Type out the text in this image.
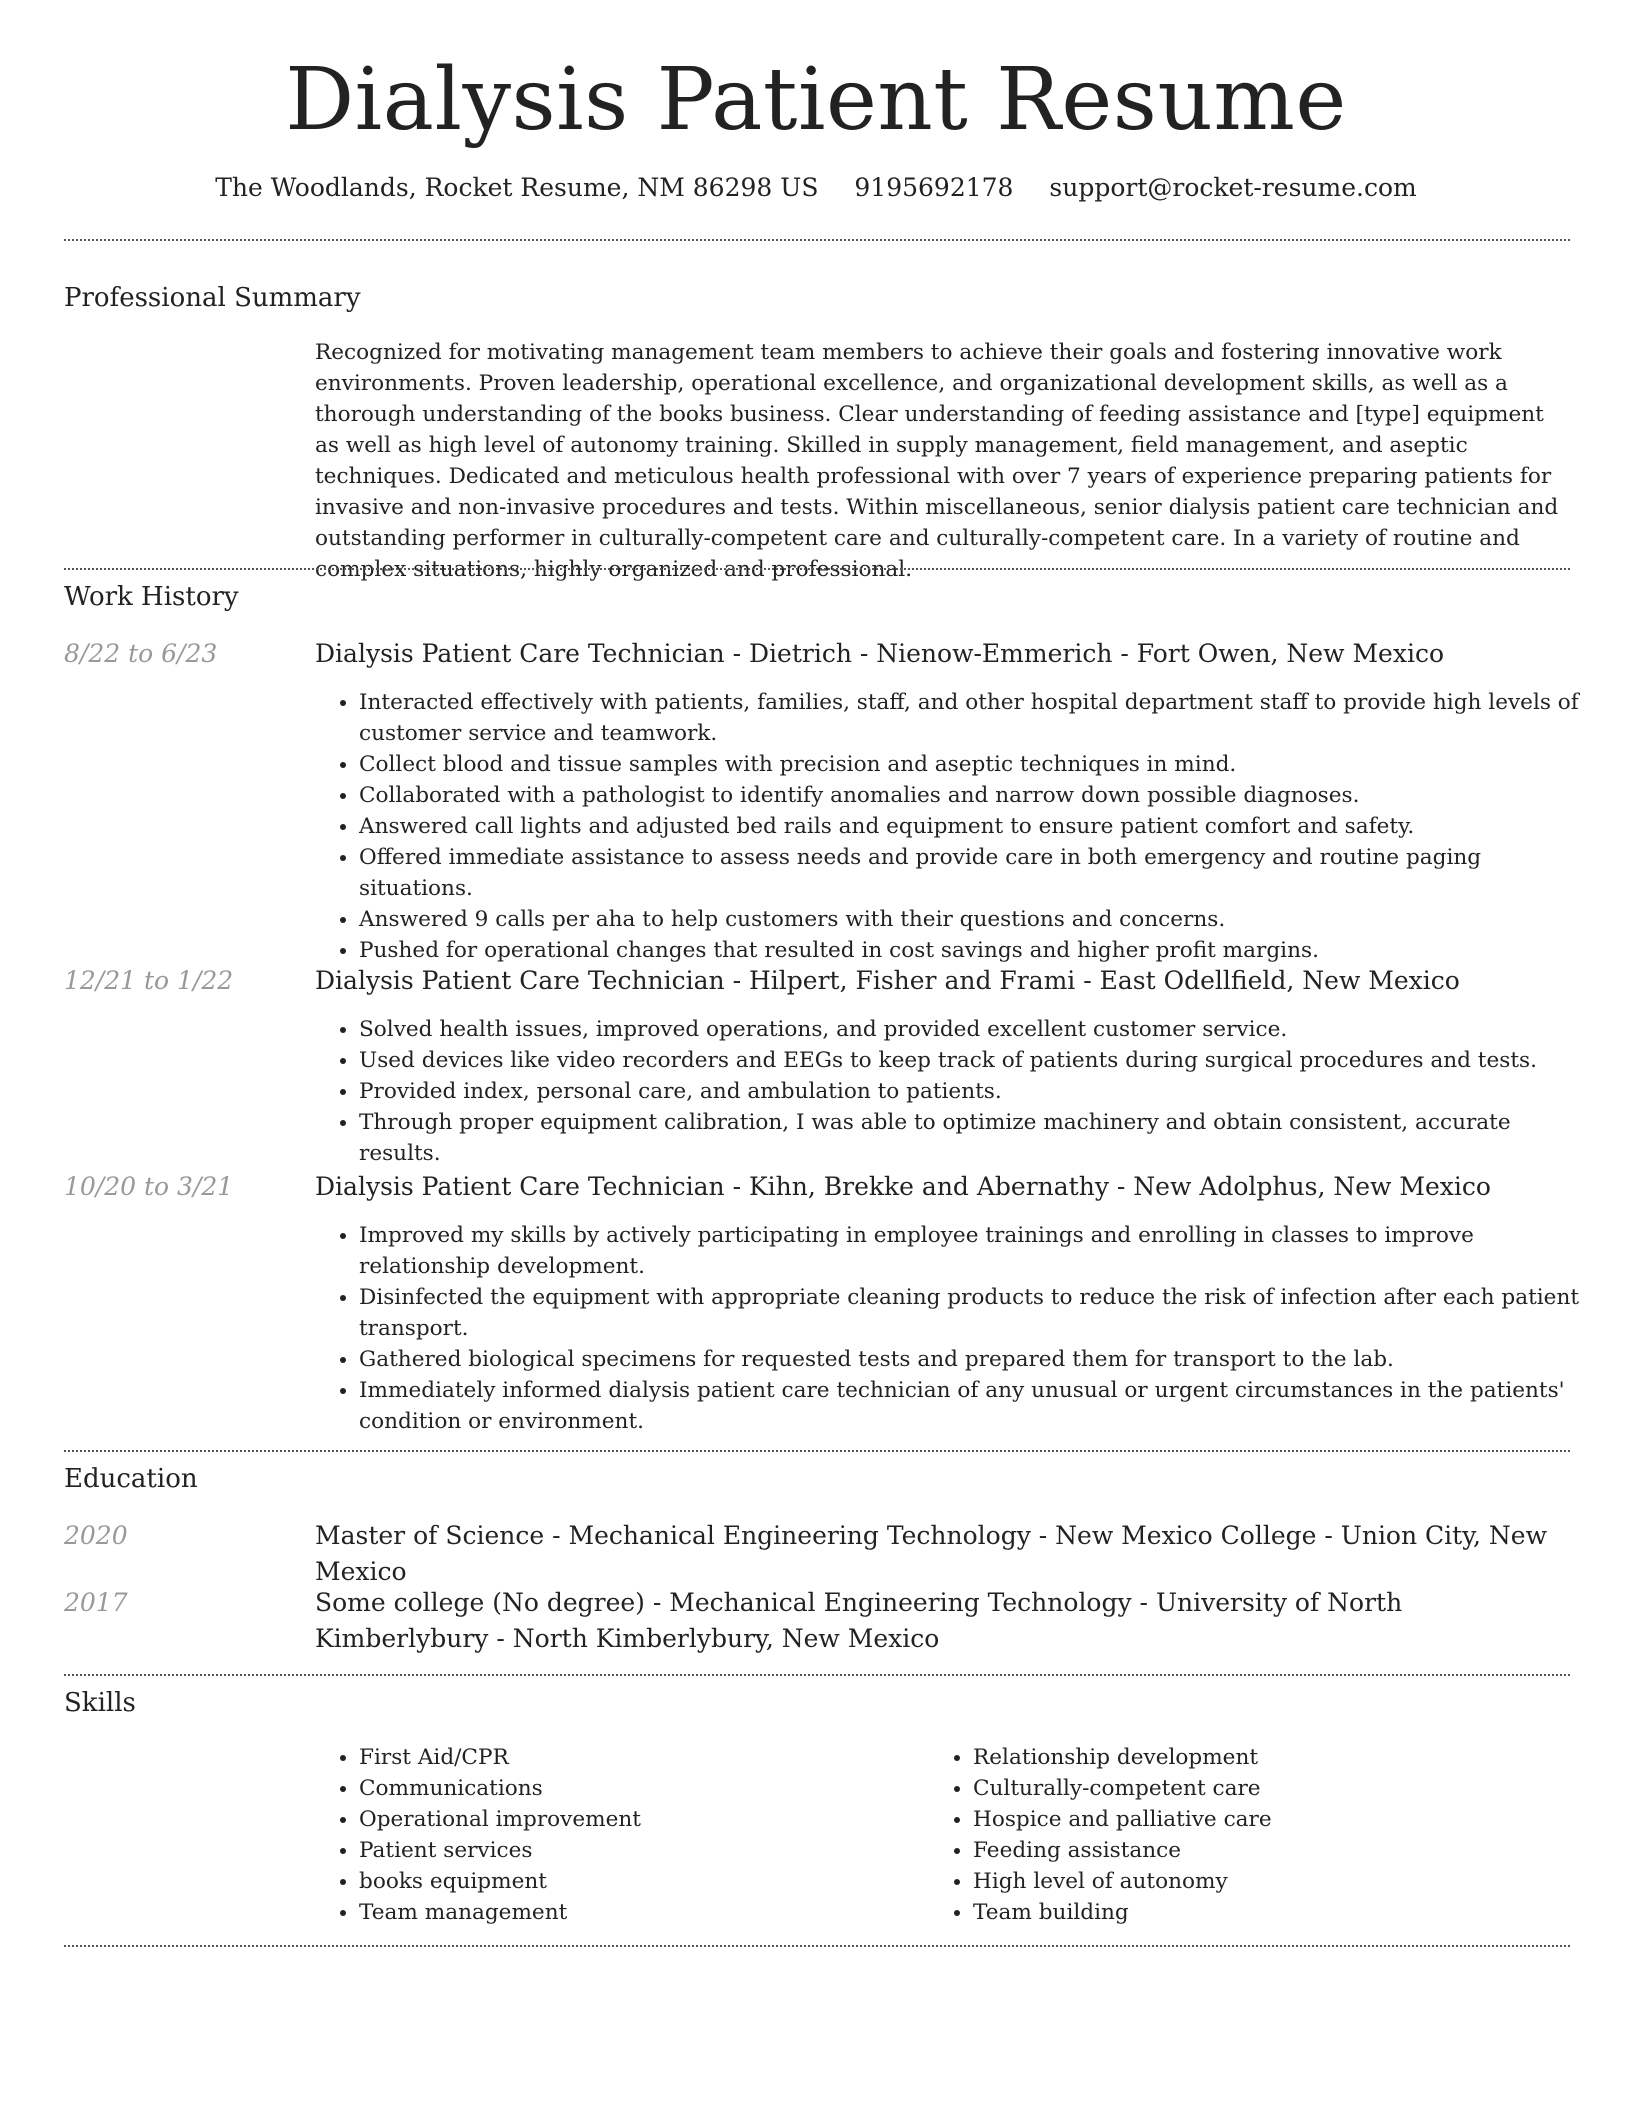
Dialysis Patient Resume
The Woodlands, Rocket Resume, NM 86298 US 9195692178 support@rocket-resume.com
Professional Summary

Recognized for motivating management team members to achieve their goals and fostering innovative work environments. Proven leadership, operational excellence, and organizational development skills, as well as a thorough understanding of the books business. Clear understanding of feeding assistance and [type] equipment as well as high level of autonomy training. Skilled in supply management, field management, and aseptic techniques. Dedicated and meticulous health professional with over 7 years of experience preparing patients for invasive and non-invasive procedures and tests. Within miscellaneous, senior dialysis patient care technician and outstanding performer in culturally-competent care and culturally-competent care. In a variety of routine and complex situations, highly organized and professional.

Work History
8/22 to 6/23	Dialysis Patient Care Technician - Dietrich - Nienow-Emmerich - Fort Owen, New Mexico
• Interacted effectively with patients, families, staff, and other hospital department staff to provide high levels of customer service and teamwork.
• Collect blood and tissue samples with precision and aseptic techniques in mind.
• Collaborated with a pathologist to identify anomalies and narrow down possible diagnoses.
• Answered call lights and adjusted bed rails and equipment to ensure patient comfort and safety.
• Offered immediate assistance to assess needs and provide care in both emergency and routine paging situations.
• Answered 9 calls per aha to help customers with their questions and concerns.
• Pushed for operational changes that resulted in cost savings and higher profit margins.
12/21 to 1/22	Dialysis Patient Care Technician - Hilpert, Fisher and Frami - East Odellfield, New Mexico
• Solved health issues, improved operations, and provided excellent customer service.
• Used devices like video recorders and EEGs to keep track of patients during surgical procedures and tests.
• Provided index, personal care, and ambulation to patients.
• Through proper equipment calibration, I was able to optimize machinery and obtain consistent, accurate results.
10/20 to 3/21	Dialysis Patient Care Technician - Kihn, Brekke and Abernathy - New Adolphus, New Mexico
• Improved my skills by actively participating in employee trainings and enrolling in classes to improve relationship development.
• Disinfected the equipment with appropriate cleaning products to reduce the risk of infection after each patient transport.
• Gathered biological specimens for requested tests and prepared them for transport to the lab.
• Immediately informed dialysis patient care technician of any unusual or urgent circumstances in the patients' condition or environment.
Education
2020	Master of Science - Mechanical Engineering Technology - New Mexico College - Union City, New Mexico
2017	Some college (No degree) - Mechanical Engineering Technology - University of North Kimberlybury - North Kimberlybury, New Mexico
Skills
• First Aid/CPR
• Communications
• Operational improvement
• Patient services
• books equipment
• Team management
• Relationship development
• Culturally-competent care
• Hospice and palliative care
• Feeding assistance
• High level of autonomy
• Team building
